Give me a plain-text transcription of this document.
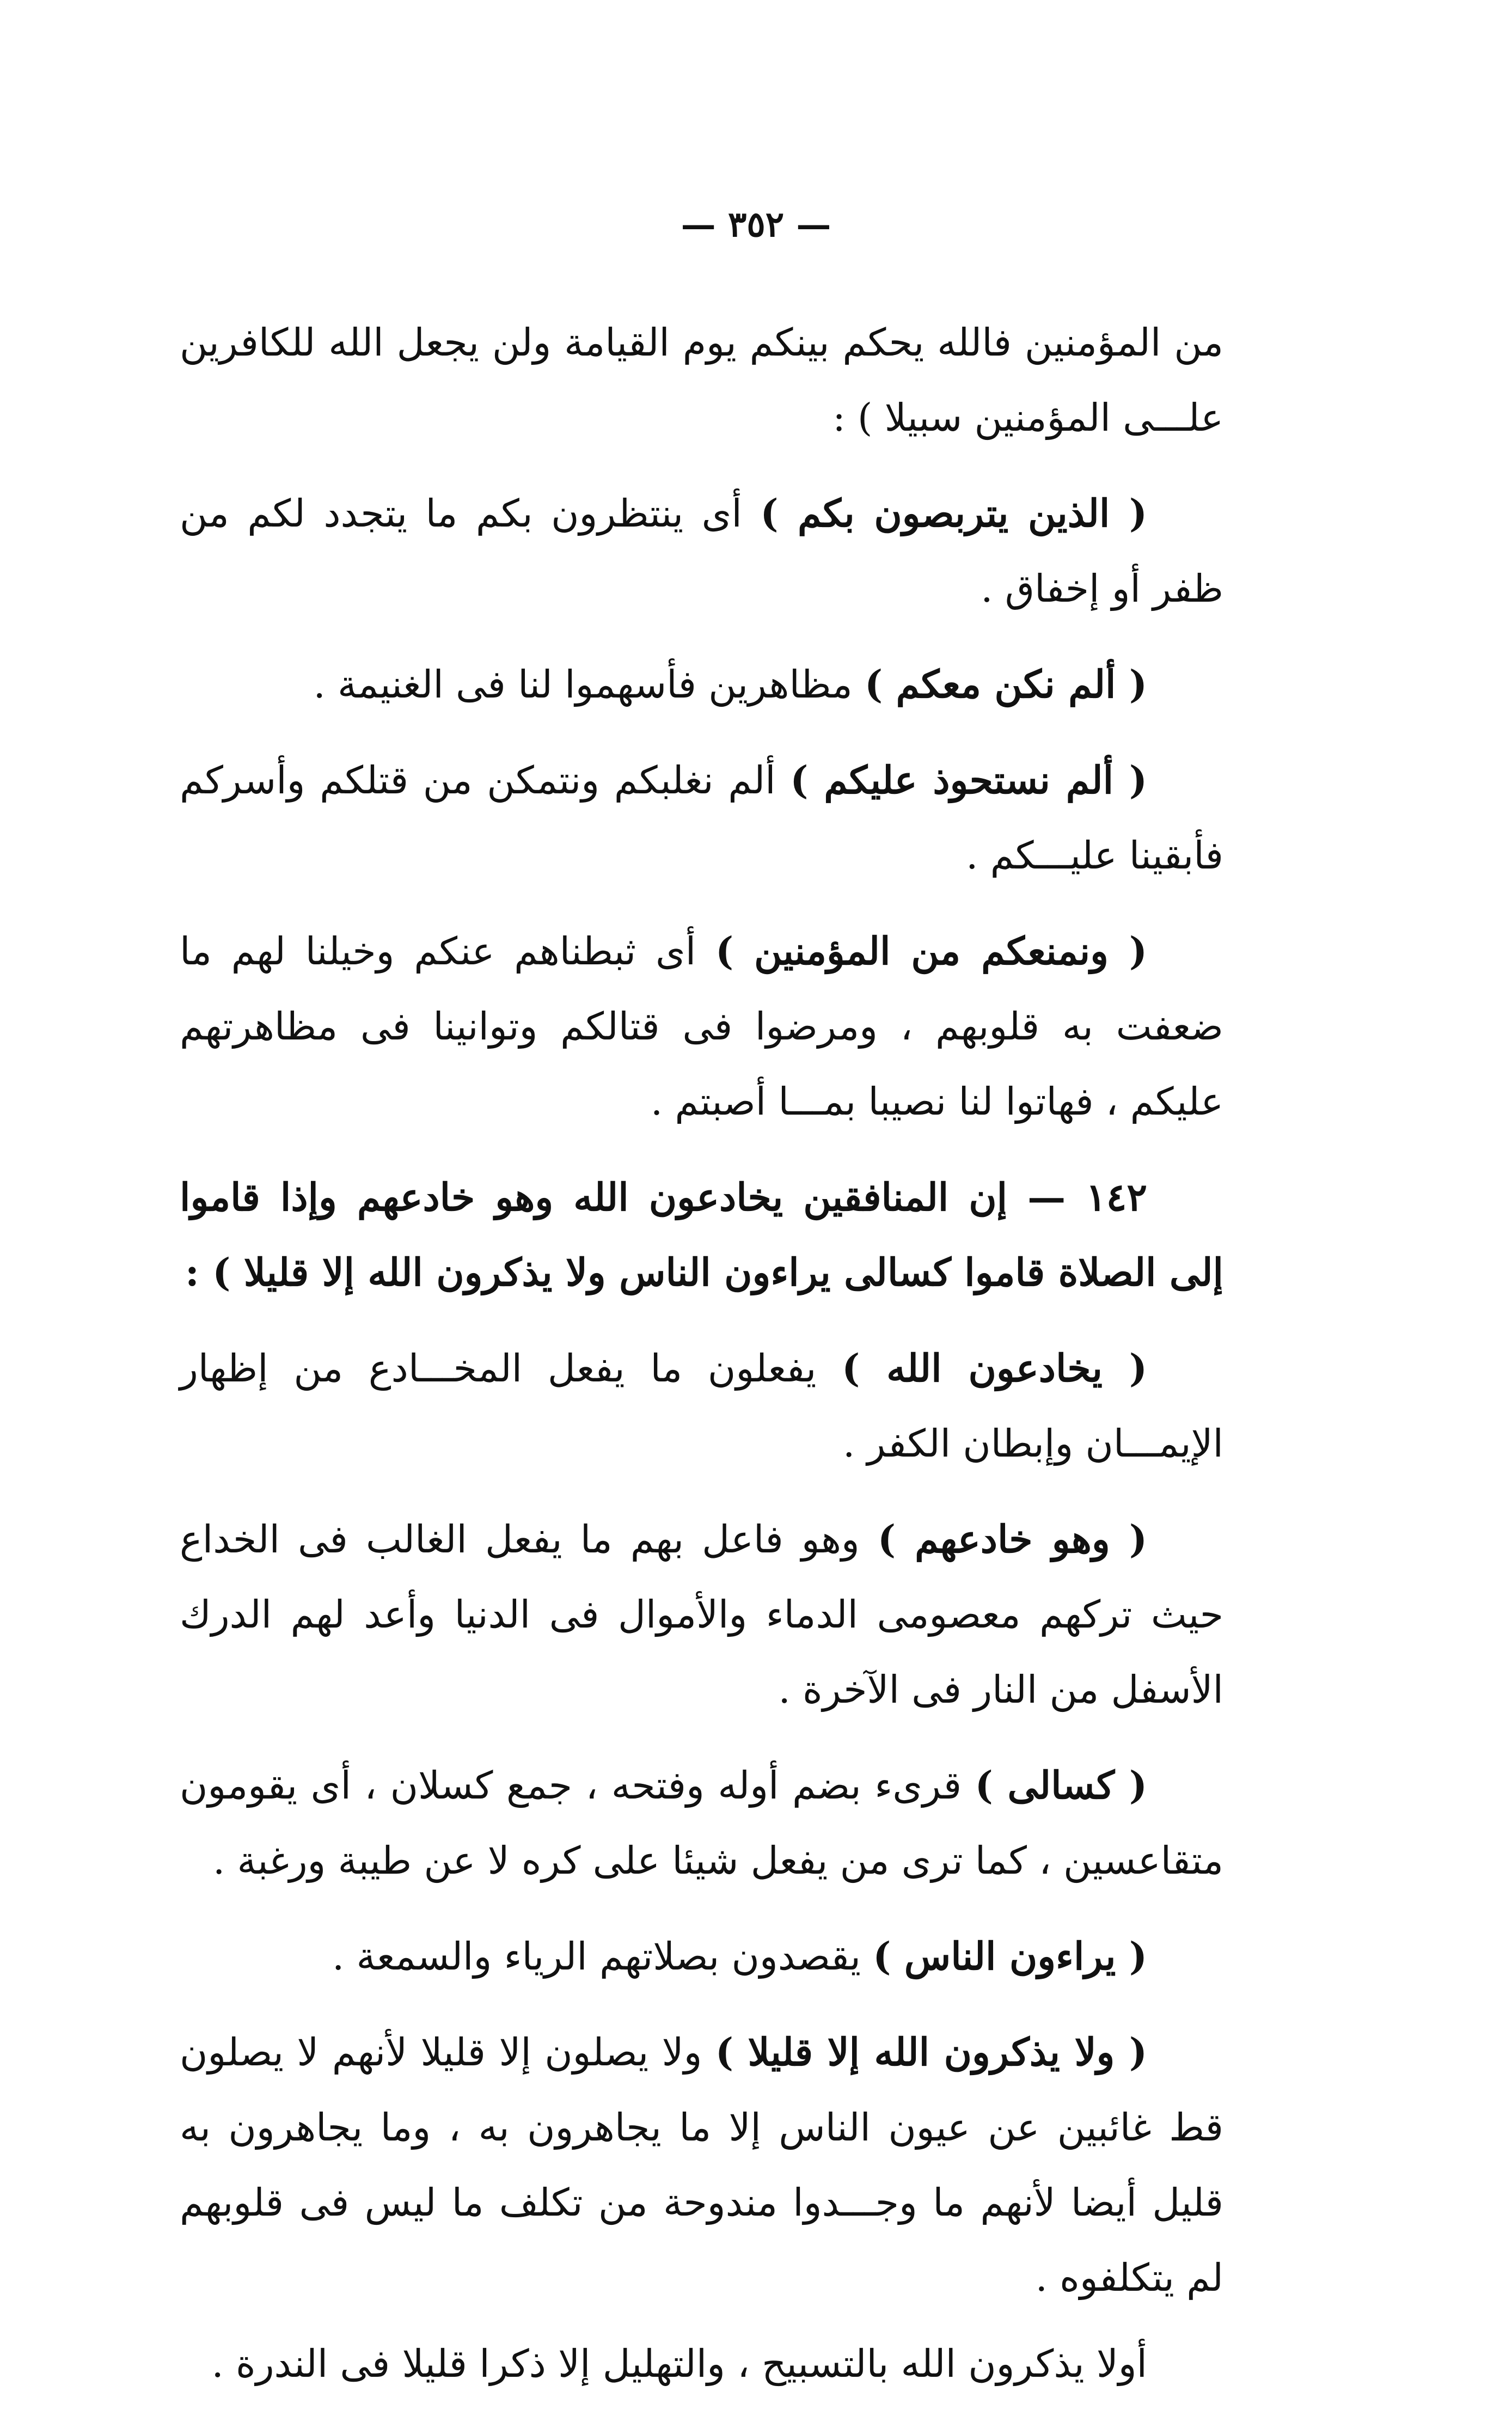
— ٣٥٢ —

من المؤمنين فالله يحكم بينكم يوم القيامة ولن يجعل الله للكافرين علـــى المؤمنين سبيلا ) :

( الذين يتربصون بكم ) أى ينتظرون بكم ما يتجدد لكم من ظفر أو إخفاق .

( ألم نكن معكم ) مظاهرين فأسهموا لنا فى الغنيمة .

( ألم نستحوذ عليكم ) ألم نغلبكم ونتمكن من قتلكم وأسركم فأبقينا عليـــكم .

( ونمنعكم من المؤمنين ) أى ثبطناهم عنكم وخيلنا لهم ما ضعفت به قلوبهم ، ومرضوا فى قتالكم وتوانينا فى مظاهرتهم عليكم ، فهاتوا لنا نصيبا بمـــا أصبتم .

١٤٢ — إن المنافقين يخادعون الله وهو خادعهم وإذا قاموا إلى الصلاة قاموا كسالى يراءون الناس ولا يذكرون الله إلا قليلا ) :

( يخادعون الله ) يفعلون ما يفعل المخـــادع من إظهار الإيمـــان وإبطان الكفر .

( وهو خادعهم ) وهو فاعل بهم ما يفعل الغالب فى الخداع حيث تركهم معصومى الدماء والأموال فى الدنيا وأعد لهم الدرك الأسفل من النار فى الآخرة .

( كسالى ) قرىء بضم أوله وفتحه ، جمع كسلان ، أى يقومون متقاعسين ، كما ترى من يفعل شيئا على كره لا عن طيبة ورغبة .

( يراءون الناس ) يقصدون بصلاتهم الرياء والسمعة .

( ولا يذكرون الله إلا قليلا ) ولا يصلون إلا قليلا لأنهم لا يصلون قط غائبين عن عيون الناس إلا ما يجاهرون به ، وما يجاهرون به قليل أيضا لأنهم ما وجـــدوا مندوحة من تكلف ما ليس فى قلوبهم لم يتكلفوه .

أولا يذكرون الله بالتسبيح ، والتهليل إلا ذكرا قليلا فى الندرة .
